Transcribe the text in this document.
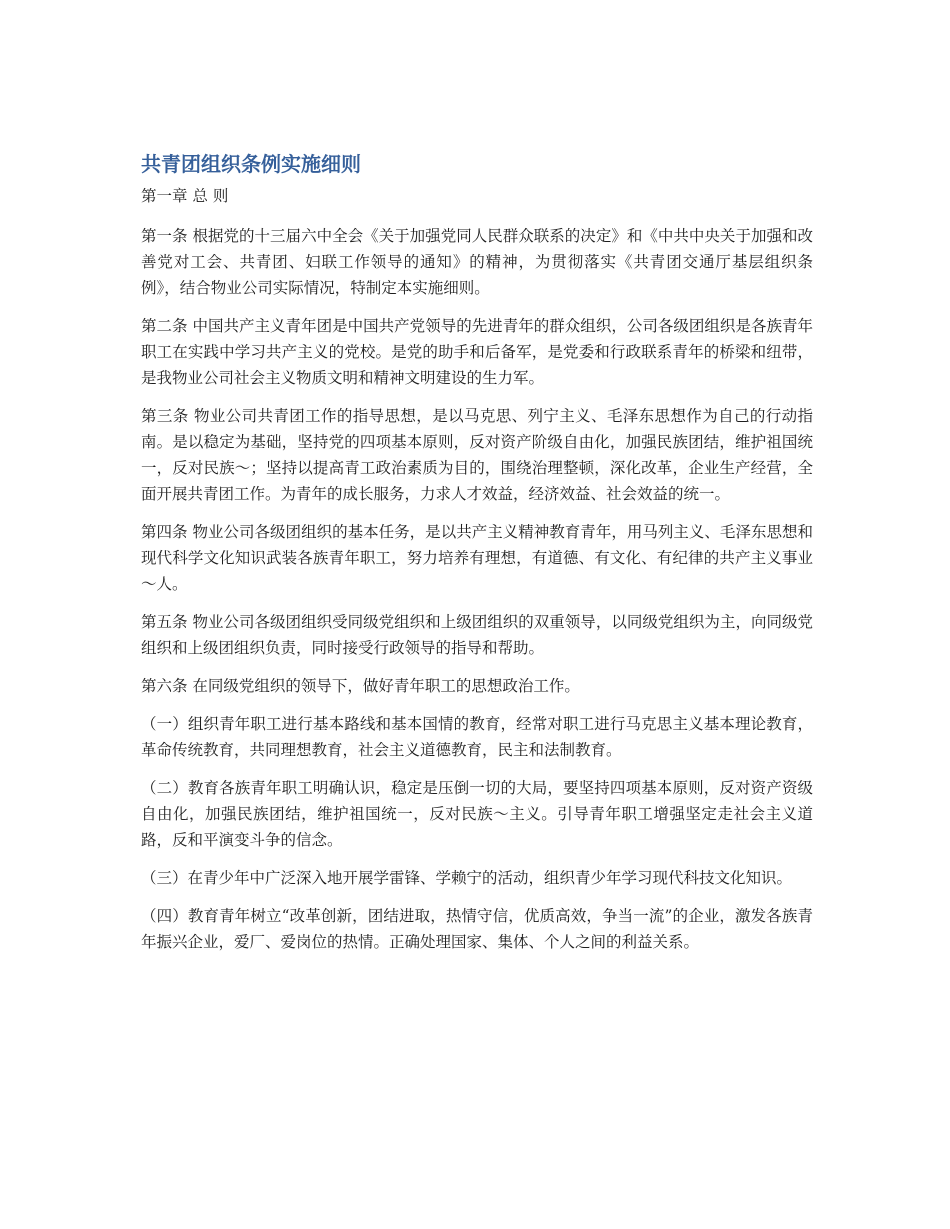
共青团组织条例实施细则
第一章 总 则

第一条 根据党的十三届六中全会《关于加强党同人民群众联系的决定》和《中共中央关于加强和改善党对工会、共青团、妇联工作领导的通知》的精神，为贯彻落实《共青团交通厅基层组织条例》，结合物业公司实际情况，特制定本实施细则。

第二条 中国共产主义青年团是中国共产党领导的先进青年的群众组织，公司各级团组织是各族青年职工在实践中学习共产主义的党校。是党的助手和后备军，是党委和行政联系青年的桥梁和纽带，是我物业公司社会主义物质文明和精神文明建设的生力军。

第三条 物业公司共青团工作的指导思想，是以马克思、列宁主义、毛泽东思想作为自己的行动指南。是以稳定为基础，坚持党的四项基本原则，反对资产阶级自由化，加强民族团结，维护祖国统一，反对民族～；坚持以提高青工政治素质为目的，围绕治理整顿，深化改革，企业生产经营，全面开展共青团工作。为青年的成长服务，力求人才效益，经济效益、社会效益的统一。

第四条 物业公司各级团组织的基本任务，是以共产主义精神教育青年，用马列主义、毛泽东思想和现代科学文化知识武装各族青年职工，努力培养有理想，有道德、有文化、有纪律的共产主义事业～人。

第五条 物业公司各级团组织受同级党组织和上级团组织的双重领导，以同级党组织为主，向同级党组织和上级团组织负责，同时接受行政领导的指导和帮助。

第六条 在同级党组织的领导下，做好青年职工的思想政治工作。

（一）组织青年职工进行基本路线和基本国情的教育，经常对职工进行马克思主义基本理论教育，革命传统教育，共同理想教育，社会主义道德教育，民主和法制教育。

（二）教育各族青年职工明确认识，稳定是压倒一切的大局，要坚持四项基本原则，反对资产资级自由化，加强民族团结，维护祖国统一，反对民族～主义。引导青年职工增强坚定走社会主义道路，反和平演变斗争的信念。

（三）在青少年中广泛深入地开展学雷锋、学赖宁的活动，组织青少年学习现代科技文化知识。

（四）教育青年树立“改革创新，团结进取，热情守信，优质高效，争当一流”的企业，激发各族青年振兴企业，爱厂、爱岗位的热情。正确处理国家、集体、个人之间的利益关系。
